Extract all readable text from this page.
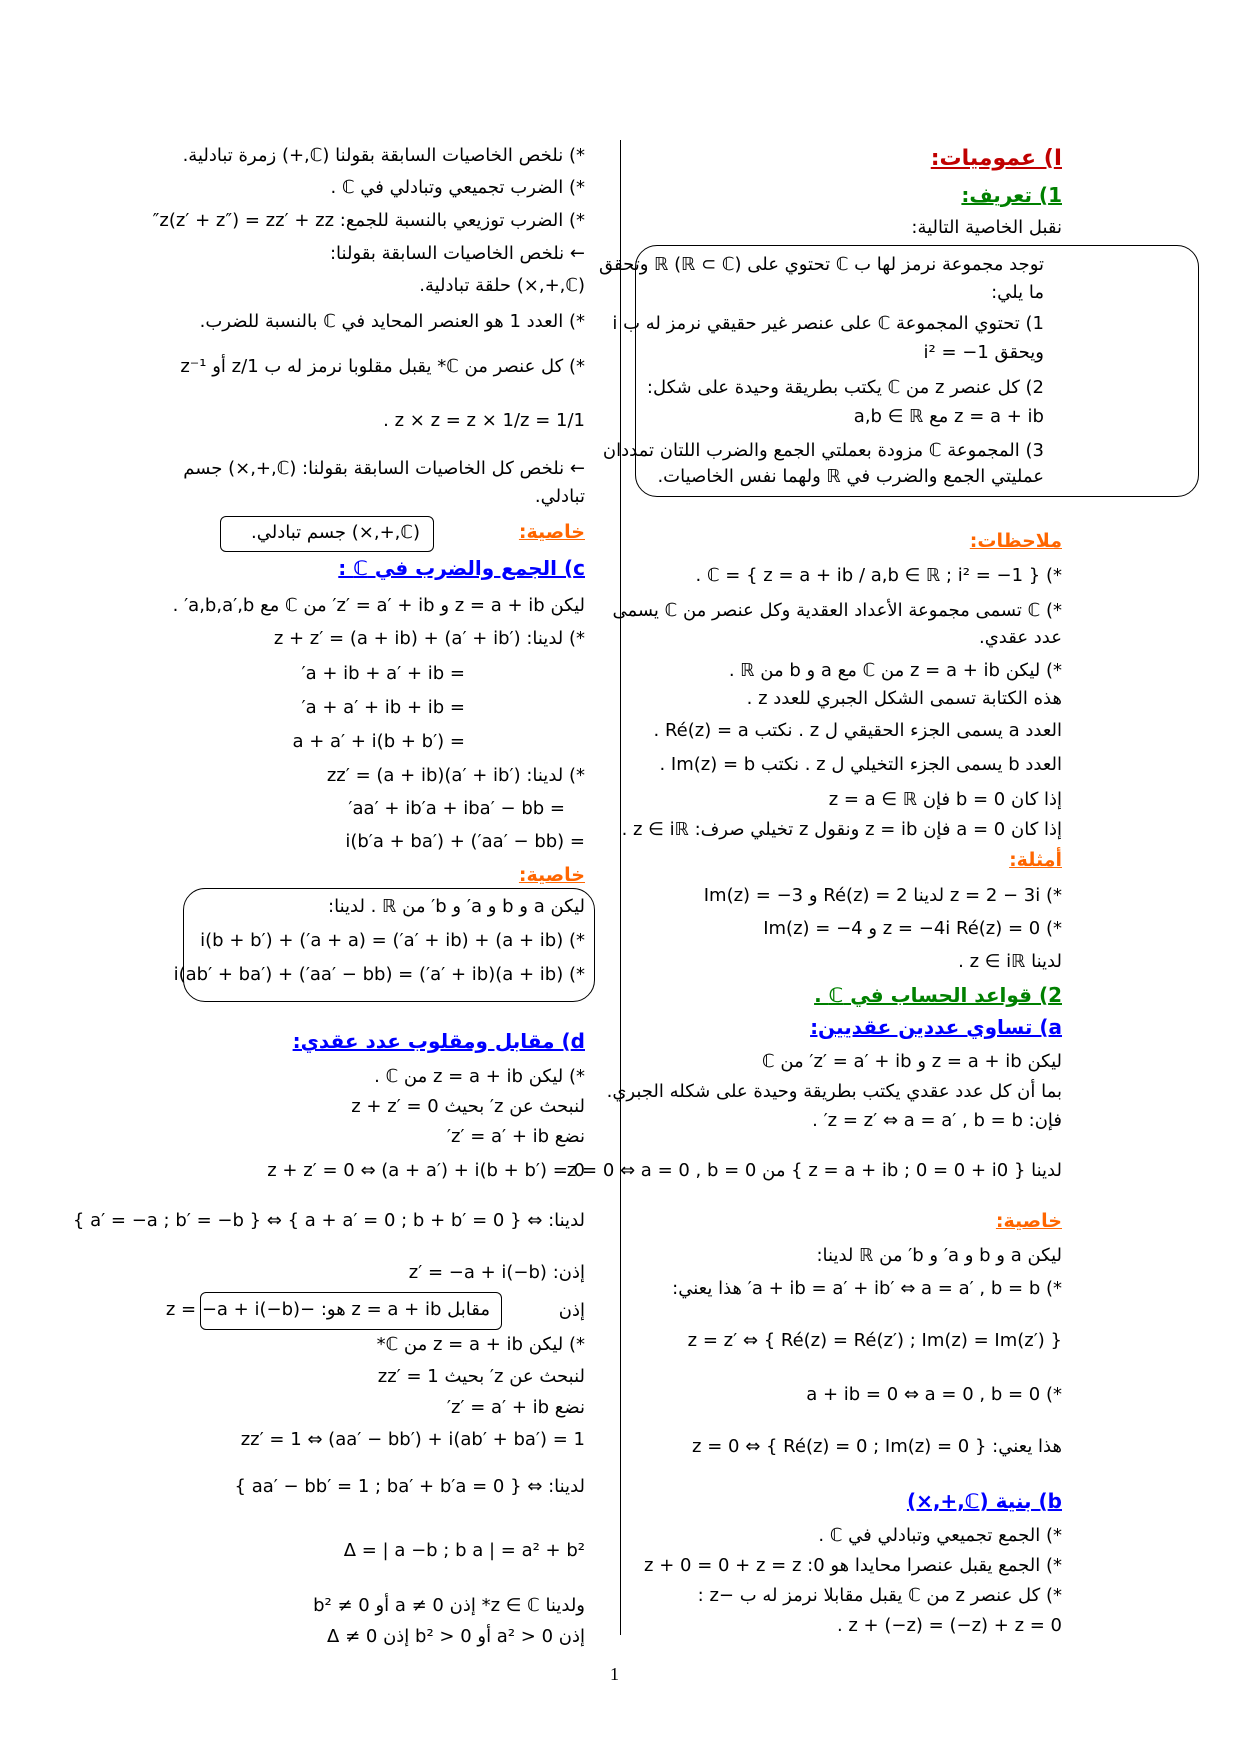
I) عموميات:
1) تعريف:
نقبل الخاصية التالية:
توجد مجموعة نرمز لها ب ℂ تحتوي على ℝ (ℝ ⊂ ℂ) وتحقق
ما يلي:
1) تحتوي المجموعة ℂ على عنصر غير حقيقي نرمز له ب i
ويحقق i² = −1
2) كل عنصر z من ℂ يكتب بطريقة وحيدة على شكل:
z = a + ib مع a,b ∈ ℝ
3) المجموعة ℂ مزودة بعملتي الجمع والضرب اللتان تمددان
عمليتي الجمع والضرب في ℝ ولهما نفس الخاصيات.
ملاحظات:
*) ℂ = { z = a + ib / a,b ∈ ℝ ; i² = −1 } .
*) ℂ تسمى مجموعة الأعداد العقدية وكل عنصر من ℂ يسمى
عدد عقدي.
*) ليكن z = a + ib من ℂ مع a و b من ℝ .
هذه الكتابة تسمى الشكل الجبري للعدد z .
العدد a يسمى الجزء الحقيقي ل z . نكتب Ré(z) = a .
العدد b يسمى الجزء التخيلي ل z . نكتب Im(z) = b .
إذا كان b = 0 فإن z = a ∈ ℝ
إذا كان a = 0 فإن z = ib ونقول z تخيلي صرف: z ∈ iℝ .
أمثلة:
*) z = 2 − 3i لدينا Ré(z) = 2 و Im(z) = −3
*) z = −4i Ré(z) = 0 و Im(z) = −4
لدينا z ∈ iℝ .
2) قواعد الحساب في ℂ .
a) تساوي عددين عقديين:
ليكن z = a + ib و z′ = a′ + ib′ من ℂ
بما أن كل عدد عقدي يكتب بطريقة وحيدة على شكله الجبري.
فإن: z = z′ ⇔ a = a′ , b = b′ .
لدينا { z = a + ib ; 0 = 0 + i0 } من z = 0 ⇔ a = 0 , b = 0
خاصية:
ليكن a و b و a′ و b′ من ℝ لدينا:
*) a + ib = a′ + ib′ ⇔ a = a′ , b = b′ هذا يعني:
z = z′ ⇔ { Ré(z) = Ré(z′) ; Im(z) = Im(z′) }
*) a + ib = 0 ⇔ a = 0 , b = 0
هذا يعني: z = 0 ⇔ { Ré(z) = 0 ; Im(z) = 0 }
b) بنية (ℂ,+,×)
*) الجمع تجميعي وتبادلي في ℂ .
*) الجمع يقبل عنصرا محايدا هو 0: z + 0 = 0 + z = z
*) كل عنصر z من ℂ يقبل مقابلا نرمز له ب −z :
z + (−z) = (−z) + z = 0 .
*) نلخص الخاصيات السابقة بقولنا (ℂ,+) زمرة تبادلية.
*) الضرب تجميعي وتبادلي في ℂ .
*) الضرب توزيعي بالنسبة للجمع: z(z′ + z″) = zz′ + zz″
← نلخص الخاصيات السابقة بقولنا:
(ℂ,+,×) حلقة تبادلية.
*) العدد 1 هو العنصر المحايد في ℂ بالنسبة للضرب.
*) كل عنصر من ℂ* يقبل مقلوبا نرمز له ب 1/z أو z⁻¹
1/z × z = z × 1/z = 1 .
← نلخص كل الخاصيات السابقة بقولنا: (ℂ,+,×) جسم
تبادلي.
خاصية:
(ℂ,+,×) جسم تبادلي.
c) الجمع والضرب في ℂ :
ليكن z = a + ib و z′ = a′ + ib′ من ℂ مع a,b,a′,b′ .
*) لدينا: z + z′ = (a + ib) + (a′ + ib′)
= a + ib + a′ + ib′
= a + a′ + ib + ib′
= a + a′ + i(b + b′)
*) لدينا: zz′ = (a + ib)(a′ + ib′)
= aa′ + ib′a + iba′ − bb′
= (aa′ − bb′) + i(b′a + ba′)
خاصية:
ليكن a و b و a′ و b′ من ℝ . لدينا:
*) (a + ib) + (a′ + ib′) = (a + a′) + i(b + b′)
*) (a + ib)(a′ + ib′) = (aa′ − bb′) + i(ab′ + ba′)
d) مقابل ومقلوب عدد عقدي:
*) ليكن z = a + ib من ℂ .
لنبحث عن z′ بحيث z + z′ = 0
نضع z′ = a′ + ib′
z + z′ = 0 ⇔ (a + a′) + i(b + b′) = 0
لدينا: ⇔ { a + a′ = 0 ; b + b′ = 0 } ⇔ { a′ = −a ; b′ = −b }
إذن: z′ = −a + i(−b)
إذن
مقابل z = a + ib هو: −z = −a + i(−b)
*) ليكن z = a + ib من ℂ*
لنبحث عن z′ بحيث zz′ = 1
نضع z′ = a′ + ib′
zz′ = 1 ⇔ (aa′ − bb′) + i(ab′ + ba′) = 1
لدينا: ⇔ { aa′ − bb′ = 1 ; ba′ + b′a = 0 }
Δ = | a −b ; b a | = a² + b²
ولدينا z ∈ ℂ* إذن a ≠ 0 أو b² ≠ 0
إذن a² > 0 أو b² > 0 إذن Δ ≠ 0
1
